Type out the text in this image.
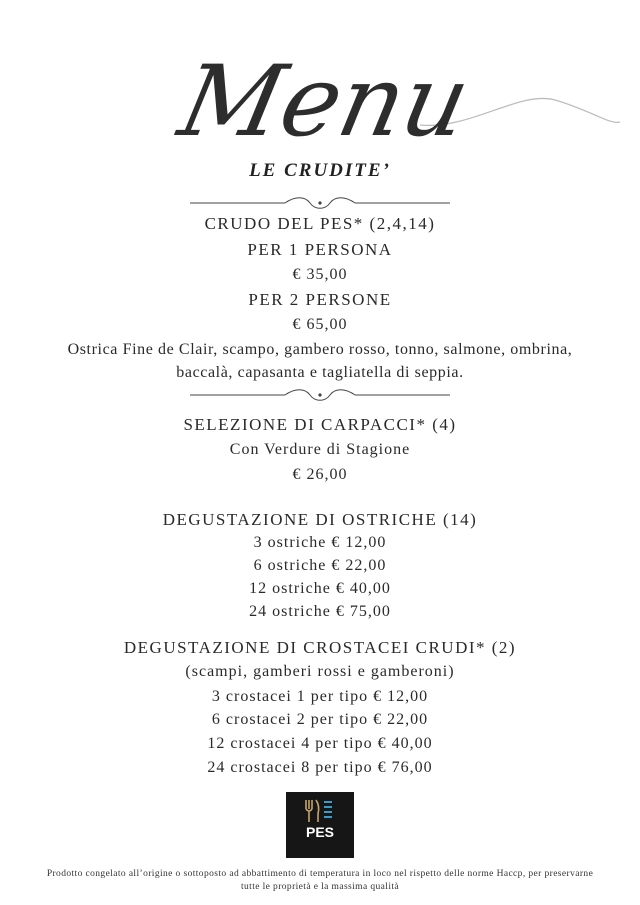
Menu
LE CRUDITE’
CRUDO DEL PES* (2,4,14)
PER 1 PERSONA
€ 35,00
PER 2 PERSONE
€ 65,00
Ostrica Fine de Clair, scampo, gambero rosso, tonno, salmone, ombrina,
baccalà, capasanta e tagliatella di seppia.
SELEZIONE DI CARPACCI* (4)
Con Verdure di Stagione
€ 26,00
DEGUSTAZIONE DI OSTRICHE (14)
3 ostriche € 12,00
6 ostriche € 22,00
12 ostriche € 40,00
24 ostriche € 75,00
DEGUSTAZIONE DI CROSTACEI CRUDI* (2)
(scampi, gamberi rossi e gamberoni)
3 crostacei 1 per tipo € 12,00
6 crostacei 2 per tipo € 22,00
12 crostacei 4 per tipo € 40,00
24 crostacei 8 per tipo € 76,00
PES
Prodotto congelato all’origine o sottoposto ad abbattimento di temperatura in loco nel rispetto delle norme Haccp, per preservarne
tutte le proprietà e la massima qualità
